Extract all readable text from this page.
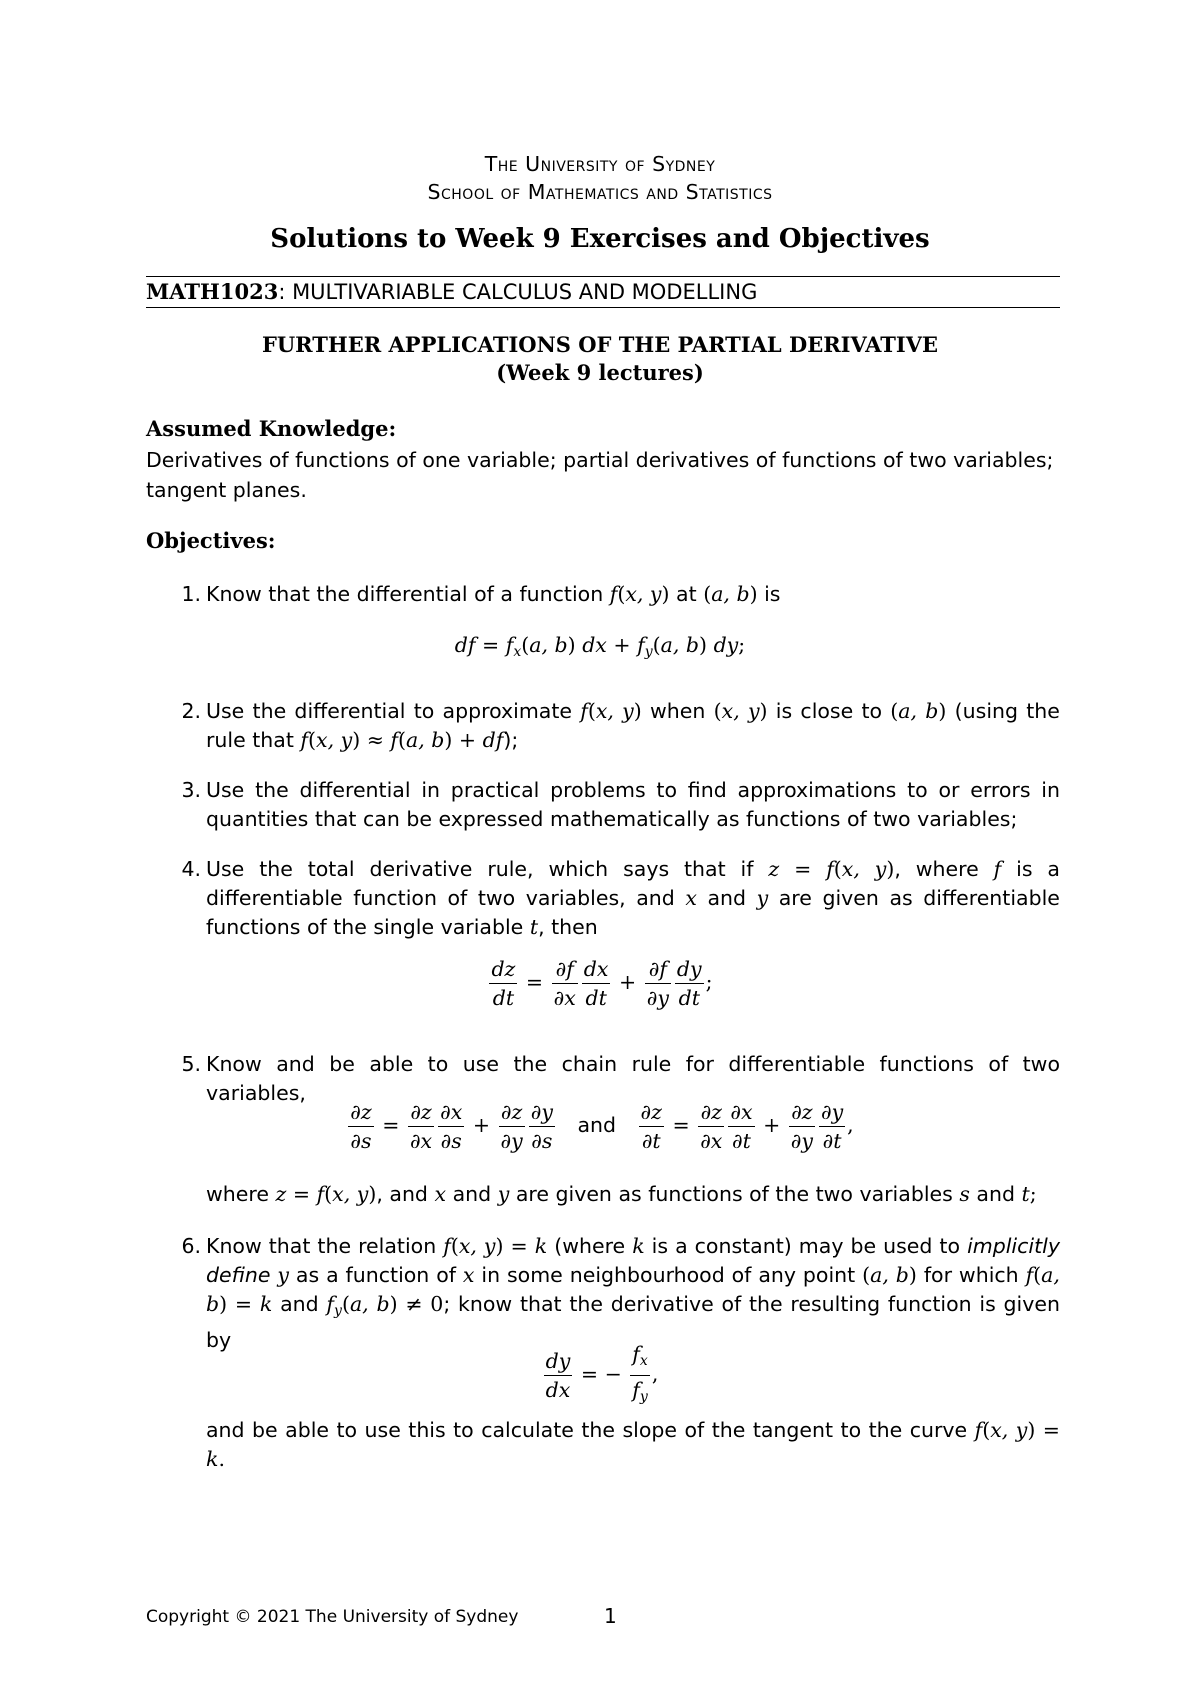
The University of Sydney
School of Mathematics and Statistics
Solutions to Week 9 Exercises and Objectives
MATH1023: MULTIVARIABLE CALCULUS AND MODELLING
FURTHER APPLICATIONS OF THE PARTIAL DERIVATIVE
(Week 9 lectures)
Assumed Knowledge:
Derivatives of functions of one variable; partial derivatives of functions of two variables; tangent planes.
Objectives:
1. Know that the differential of a function f(x, y) at (a, b) is
df = $f_x(a$, b) dx + $f_y(a$, b) dy;
2. Use the differential to approximate f(x, y) when (x, y) is close to (a, b) (using the rule that f(x, y) ≈ f(a, b) + df);
3. Use the differential in practical problems to find approximations to or errors in quantities that can be expressed mathematically as functions of two variables;
4. Use the total derivative rule, which says that if z = f(x, y), where f is a differentiable function of two variables, and x and y are given as differentiable functions of the single variable t, then
$\frac{dz}{dt} = \frac{\partial f}{\partial x} \frac{dx}{dt} + \frac{\partial f}{\partial y} \frac{dy}{dt}$ ;
5. Know and be able to use the chain rule for differentiable functions of two variables,
$\frac{\partial z}{\partial s} = \frac{\partial z}{\partial x} \frac{\partial x}{\partial s} + \frac{\partial z}{\partial y} \frac{\partial y}{\partial s}$ and $\frac{\partial z}{\partial t} = \frac{\partial z}{\partial x} \frac{\partial x}{\partial t} + \frac{\partial z}{\partial y} \frac{\partial y}{\partial t}$ ,
where z = f(x, y), and x and y are given as functions of the two variables s and t;
6. Know that the relation f(x, y) = k (where k is a constant) may be used to implicitly define y as a function of x in some neighbourhood of any point (a, b) for which f(a, b) = k and $f_y(a$, b) ≠ 0; know that the derivative of the resulting function is given by
$\frac{dy}{dx}$ = − $\frac{f_x}{f_y}$ ,
and be able to use this to calculate the slope of the tangent to the curve f(x, y) = k.
Copyright © 2021 The University of Sydney	1
